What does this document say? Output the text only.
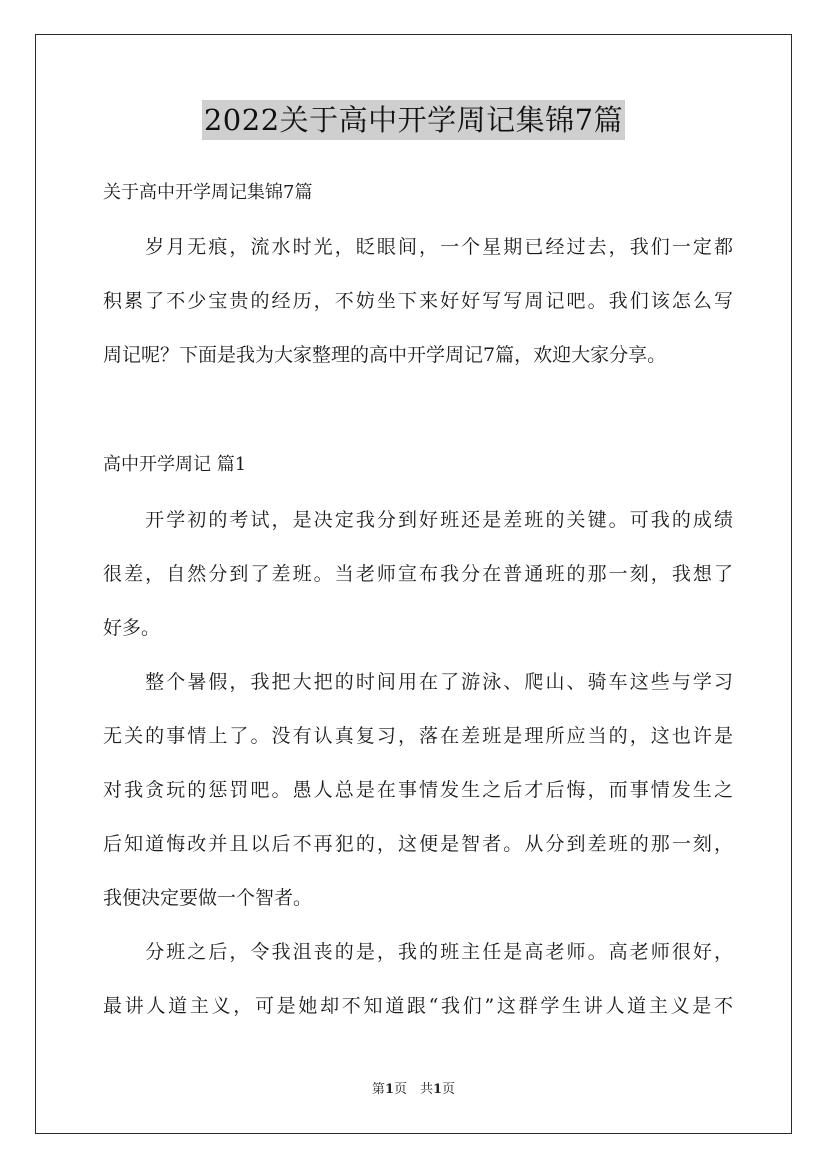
2022关于高中开学周记集锦7篇
关于高中开学周记集锦7篇
　　岁月无痕，流水时光，眨眼间，一个星期已经过去，我们一定都
积累了不少宝贵的经历，不妨坐下来好好写写周记吧。我们该怎么写
周记呢？下面是我为大家整理的高中开学周记7篇，欢迎大家分享。
高中开学周记 篇1
　　开学初的考试，是决定我分到好班还是差班的关键。可我的成绩
很差，自然分到了差班。当老师宣布我分在普通班的那一刻，我想了
好多。
　　整个暑假，我把大把的时间用在了游泳、爬山、骑车这些与学习
无关的事情上了。没有认真复习，落在差班是理所应当的，这也许是
对我贪玩的惩罚吧。愚人总是在事情发生之后才后悔，而事情发生之
后知道悔改并且以后不再犯的，这便是智者。从分到差班的那一刻，
我便决定要做一个智者。
　　分班之后，令我沮丧的是，我的班主任是高老师。高老师很好，
最讲人道主义，可是她却不知道跟“我们”这群学生讲人道主义是不
第1页　共1页
